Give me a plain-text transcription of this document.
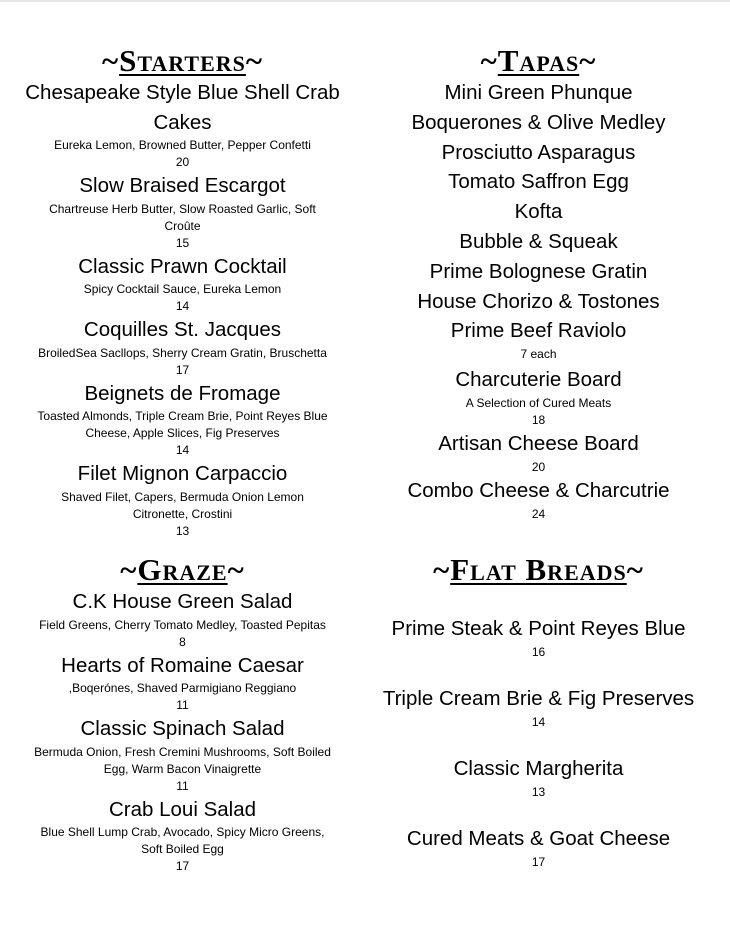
~Starters~

Chesapeake Style Blue Shell Crab Cakes

Eureka Lemon, Browned Butter, Pepper Confetti

20

Slow Braised Escargot

Chartreuse Herb Butter, Slow Roasted Garlic, Soft Croûte

15

Classic Prawn Cocktail

Spicy Cocktail Sauce, Eureka Lemon

14

Coquilles St. Jacques

BroiledSea Sacllops, Sherry Cream Gratin, Bruschetta

17

Beignets de Fromage

Toasted Almonds, Triple Cream Brie, Point Reyes Blue Cheese, Apple Slices, Fig Preserves

14

Filet Mignon Carpaccio

Shaved Filet, Capers, Bermuda Onion Lemon Citronette, Crostini

13

~Tapas~

Mini Green Phunque

Boquerones & Olive Medley

Prosciutto Asparagus

Tomato Saffron Egg

Kofta

Bubble & Squeak

Prime Bolognese Gratin

House Chorizo & Tostones

Prime Beef Raviolo

7 each

Charcuterie Board

A Selection of Cured Meats

18

Artisan Cheese Board

20

Combo Cheese & Charcutrie

24

~Graze~

C.K House Green Salad

Field Greens, Cherry Tomato Medley, Toasted Pepitas

8

Hearts of Romaine Caesar

,Boqerónes, Shaved Parmigiano Reggiano

11

Classic Spinach Salad

Bermuda Onion, Fresh Cremini Mushrooms, Soft Boiled Egg, Warm Bacon Vinaigrette

11

Crab Loui Salad

Blue Shell Lump Crab, Avocado, Spicy Micro Greens, Soft Boiled Egg

17

~Flat Breads~

Prime Steak & Point Reyes Blue

16

Triple Cream Brie & Fig Preserves

14

Classic Margherita

13

Cured Meats & Goat Cheese

17
